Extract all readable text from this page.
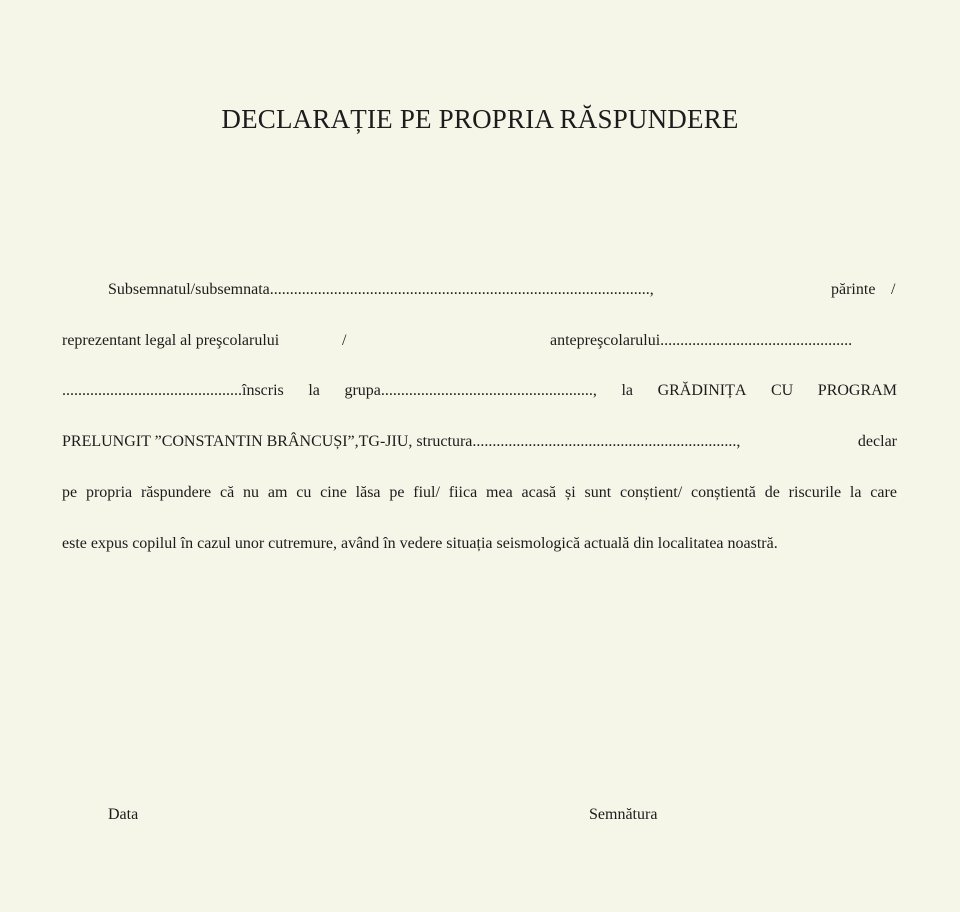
DECLARAȚIE PE PROPRIA RĂSPUNDERE
Subsemnatul/subsemnata...............................................................................................,	părinte /
reprezentant legal al preşcolarului	/	antepreşcolarului................................................
.............................................înscris la grupa....................................................., la GRĂDINIȚA CU PROGRAM
PRELUNGIT ”CONSTANTIN BRÂNCUȘI”,TG-JIU, structura..................................................................,	declar
pe propria răspundere că nu am cu cine lăsa pe fiul/ fiica mea acasă și sunt conștient/ conștientă de riscurile la care
este expus copilul în cazul unor cutremure, având în vedere situația seismologică actuală din localitatea noastră.
Data	Semnătura
